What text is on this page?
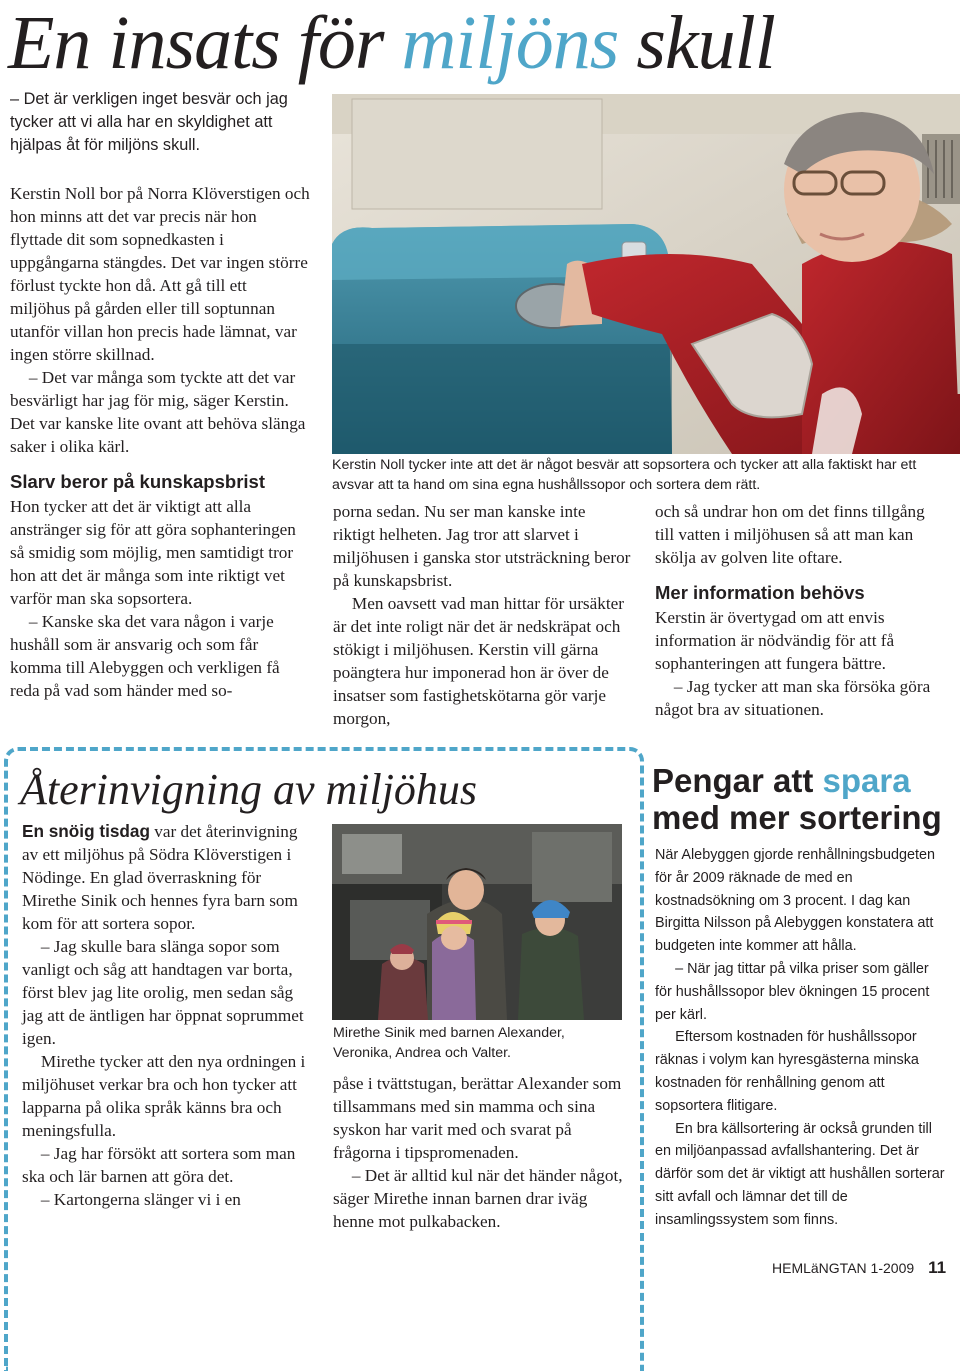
En insats för miljöns skull

– Det är verkligen inget besvär och jag tycker att vi alla har en skyldighet att hjälpas åt för miljöns skull.

Kerstin Noll tycker inte att det är något besvär att sopsortera och tycker att alla faktiskt har ett avsvar att ta hand om sina egna hushållssopor och sortera dem rätt.

Kerstin Noll bor på Norra Klöverstigen och hon minns att det var precis när hon flyttade dit som sopnedkasten i uppgångarna stängdes. Det var ingen större förlust tyckte hon då. Att gå till ett miljöhus på gården eller till soptunnan utanför villan hon precis hade lämnat, var ingen större skillnad.

– Det var många som tyckte att det var besvärligt har jag för mig, säger Kerstin. Det var kanske lite ovant att behöva slänga saker i olika kärl.

Slarv beror på kunskapsbrist

Hon tycker att det är viktigt att alla anstränger sig för att göra sophanteringen så smidig som möjlig, men samtidigt tror hon att det är många som inte riktigt vet varför man ska sopsortera.

– Kanske ska det vara någon i varje hushåll som är ansvarig och som får komma till Alebyggen och verkligen få reda på vad som händer med so-

porna sedan. Nu ser man kanske inte riktigt helheten. Jag tror att slarvet i miljöhusen i ganska stor utsträckning beror på kunskapsbrist.

Men oavsett vad man hittar för ursäkter är det inte roligt när det är nedskräpat och stökigt i miljöhusen. Kerstin vill gärna poängtera hur imponerad hon är över de insatser som fastighetskötarna gör varje morgon,

och så undrar hon om det finns tillgång till vatten i miljöhusen så att man kan skölja av golven lite oftare.

Mer information behövs

Kerstin är övertygad om att envis information är nödvändig för att få sophanteringen att fungera bättre.

– Jag tycker att man ska försöka göra något bra av situationen.

Återinvigning av miljöhus

En snöig tisdag var det återinvigning av ett miljöhus på Södra Klöverstigen i Nödinge. En glad överraskning för Mirethe Sinik och hennes fyra barn som kom för att sortera sopor.

– Jag skulle bara slänga sopor som vanligt och såg att handtagen var borta, först blev jag lite orolig, men sedan såg jag att de äntligen har öppnat soprummet igen.

Mirethe tycker att den nya ordningen i miljöhuset verkar bra och hon tycker att lapparna på olika språk känns bra och meningsfulla.

– Jag har försökt att sortera som man ska och lär barnen att göra det.

– Kartongerna slänger vi i en

Mirethe Sinik med barnen Alexander, Veronika, Andrea och Valter.

påse i tvättstugan, berättar Alexander som tillsammans med sin mamma och sina syskon har varit med och svarat på frågorna i tipspromenaden.

– Det är alltid kul när det händer något, säger Mirethe innan barnen drar iväg henne mot pulkabacken.

Pengar att spara
med mer sortering

När Alebyggen gjorde renhållningsbudgeten för år 2009 räknade de med en kostnadsökning om 3 procent. I dag kan Birgitta Nilsson på Alebyggen konstatera att budgeten inte kommer att hålla.

– När jag tittar på vilka priser som gäller för hushållssopor blev ökningen 15 procent per kärl.

Eftersom kostnaden för hushållssopor räknas i volym kan hyresgästerna minska kostnaden för renhållning genom att sopsortera flitigare.

En bra källsortering är också grunden till en miljöanpassad avfallshantering. Det är därför som det är viktigt att hushållen sorterar sitt avfall och lämnar det till de insamlingssystem som finns.

HEMLäNGTAN 1-2009 11
